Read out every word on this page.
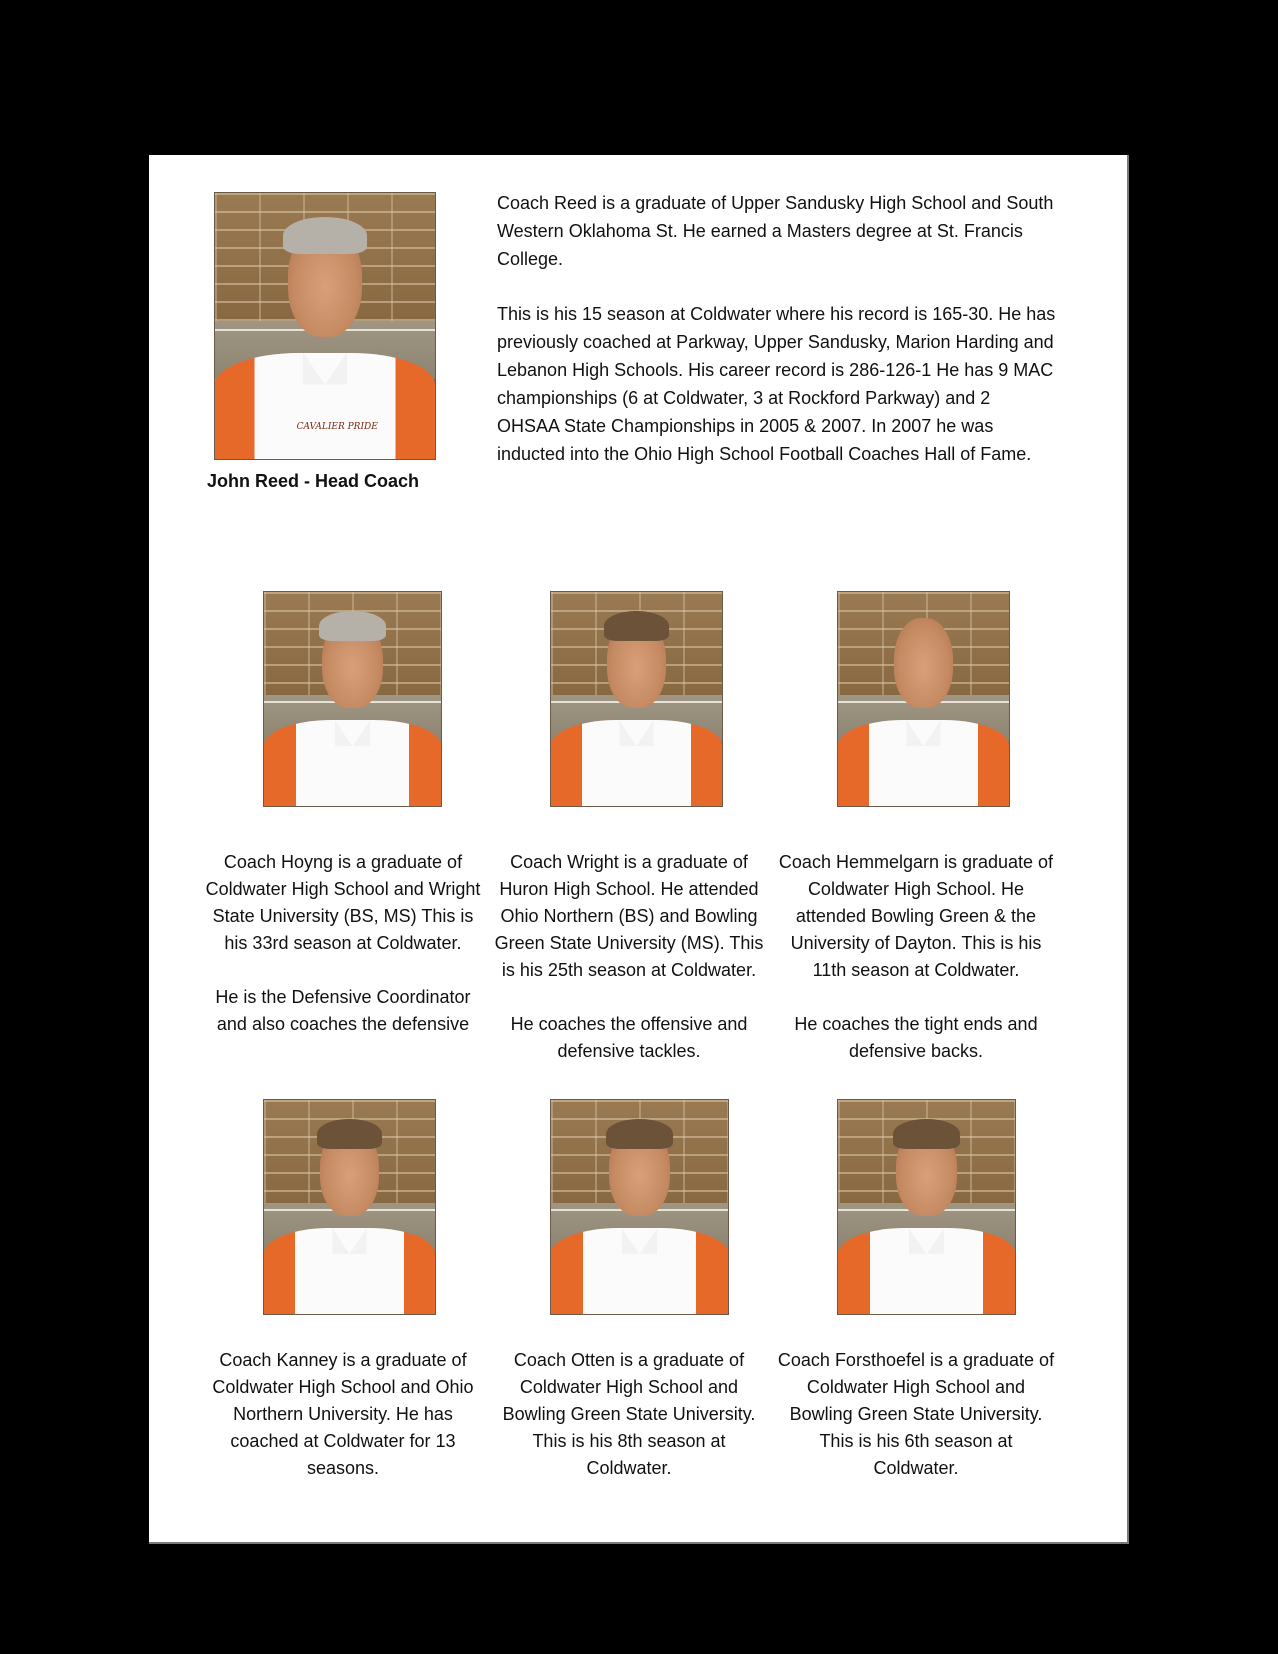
CAVALIER PRIDE
John Reed - Head Coach

Coach Reed is a graduate of Upper Sandusky High School and South Western Oklahoma St. He earned a Masters degree at St. Francis College.

This is his 15 season at Coldwater where his record is 165-30. He has previously coached at Parkway, Upper Sandusky, Marion Harding and Lebanon High Schools. His career record is 286-126-1 He has 9 MAC championships (6 at Coldwater, 3 at Rockford Parkway) and 2 OHSAA State Championships in 2005 & 2007. In 2007 he was inducted into the Ohio High School Football Coaches Hall of Fame.

Coach Hoyng is a graduate of Coldwater High School and Wright State University (BS, MS) This is his 33rd season at Coldwater.

He is the Defensive Coordinator and also coaches the defensive

Coach Wright is a graduate of Huron High School. He attended Ohio Northern (BS) and Bowling Green State University (MS). This is his 25th season at Coldwater.

He coaches the offensive and defensive tackles.

Coach Hemmelgarn is graduate of Coldwater High School. He attended Bowling Green & the University of Dayton. This is his 11th season at Coldwater.

He coaches the tight ends and defensive backs.

Coach Kanney is a graduate of Coldwater High School and Ohio Northern University. He has coached at Coldwater for 13 seasons.

Coach Otten is a graduate of Coldwater High School and Bowling Green State University. This is his 8th season at Coldwater.

Coach Forsthoefel is a graduate of Coldwater High School and Bowling Green State University. This is his 6th season at Coldwater.
